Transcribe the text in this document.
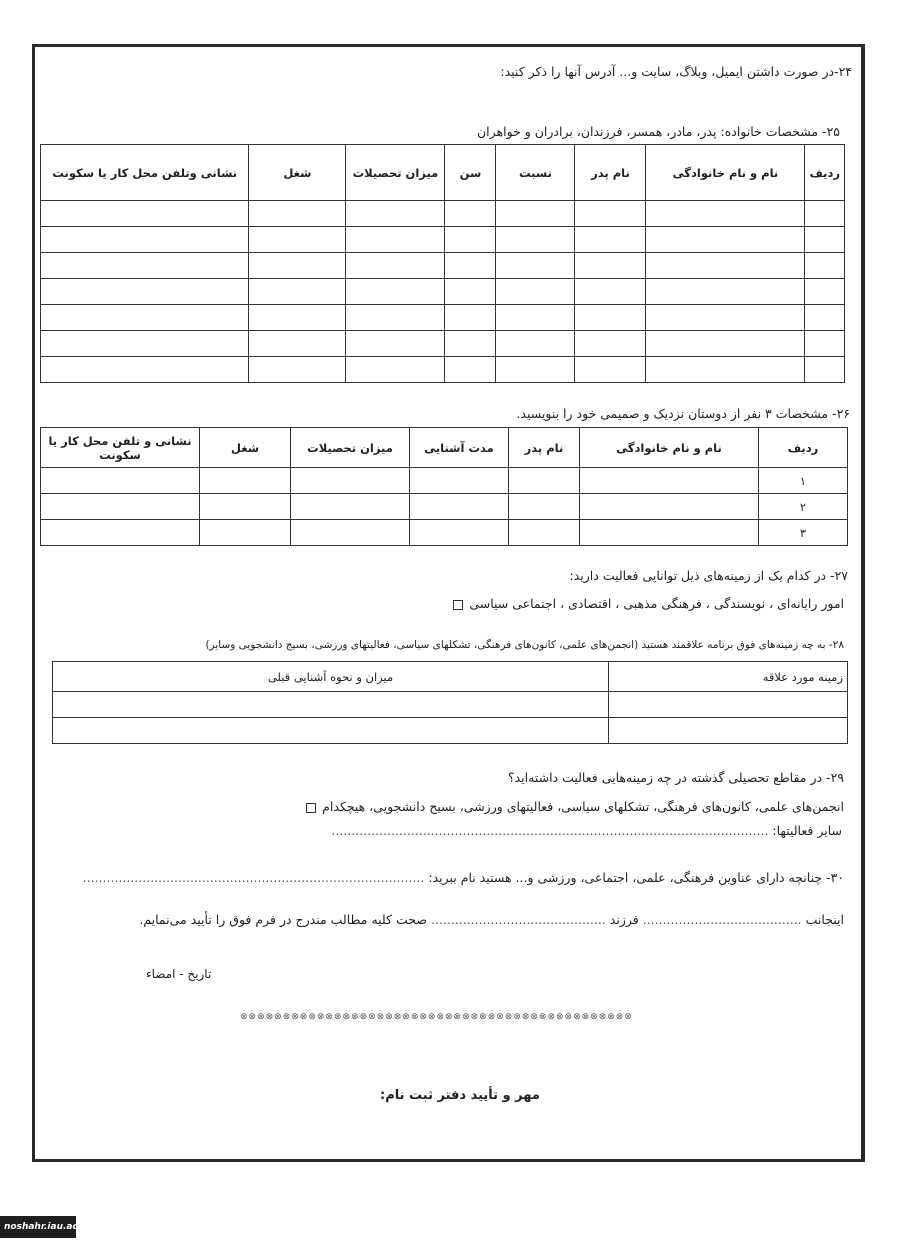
۲۴-در صورت داشتن ایمیل، وبلاگ، سایت و... آدرس آنها را ذکر کنید:
۲۵- مشخصات خانواده: پدر، مادر، همسر، فرزندان، برادران و خواهران
ردیف	نام و نام خانوادگی	نام پدر	نسبت	سن	میزان تحصیلات	شغل	نشانی وتلفن محل کار یا سکونت

۲۶- مشخصات ۳ نفر از دوستان نزدیک و صمیمی خود را بنویسید.
ردیف	نام و نام خانوادگی	نام پدر	مدت آشنایی	میزان تحصیلات	شغل	نشانی و تلفن محل کار یا سکونت
۱						
۲						
۳						
۲۷- در کدام یک از زمینه‌های ذیل توانایی فعالیت دارید:
امور رایانه‌ای ، نویسندگی ، فرهنگی مذهبی ، اقتصادی ، اجتماعی سیاسی
۲۸- به چه زمینه‌های فوق برنامه علاقمند هستید (انجمن‌های علمی، کانون‌های فرهنگی، تشکلهای سیاسی، فعالیتهای ورزشی، بسیج دانشجویی وسایر)
زمینه مورد علاقه	میزان و نحوه آشنایی قبلی

۲۹- در مقاطع تحصیلی گذشته در چه زمینه‌هایی فعالیت داشته‌اید؟
انجمن‌های علمی، کانون‌های فرهنگی، تشکلهای سیاسی، فعالیتهای ورزشی، بسیج دانشجویی، هیچکدام
سایر فعالیتها: ..............................................................................................................
۳۰- چنانچه دارای عناوین فرهنگی، علمی، اجتماعی، ورزشی و... هستید نام ببرید: ......................................................................................
اینجانب ........................................ فرزند ............................................ صحت کلیه مطالب مندرج در فرم فوق را تأیید می‌نمایم.
تاریخ - امضاء
⊗⊗⊗⊗⊗⊗⊗⊗⊗⊗⊗⊗⊗⊗⊗⊗⊗⊗⊗⊗⊗⊗⊗⊗⊗⊗⊗⊗⊗⊗⊗⊗⊗⊗⊗⊗⊗⊗⊗⊗⊗⊗⊗⊗⊗⊗
مهر و تأیید دفتر ثبت نام:
noshahr.iau.ac.ir
